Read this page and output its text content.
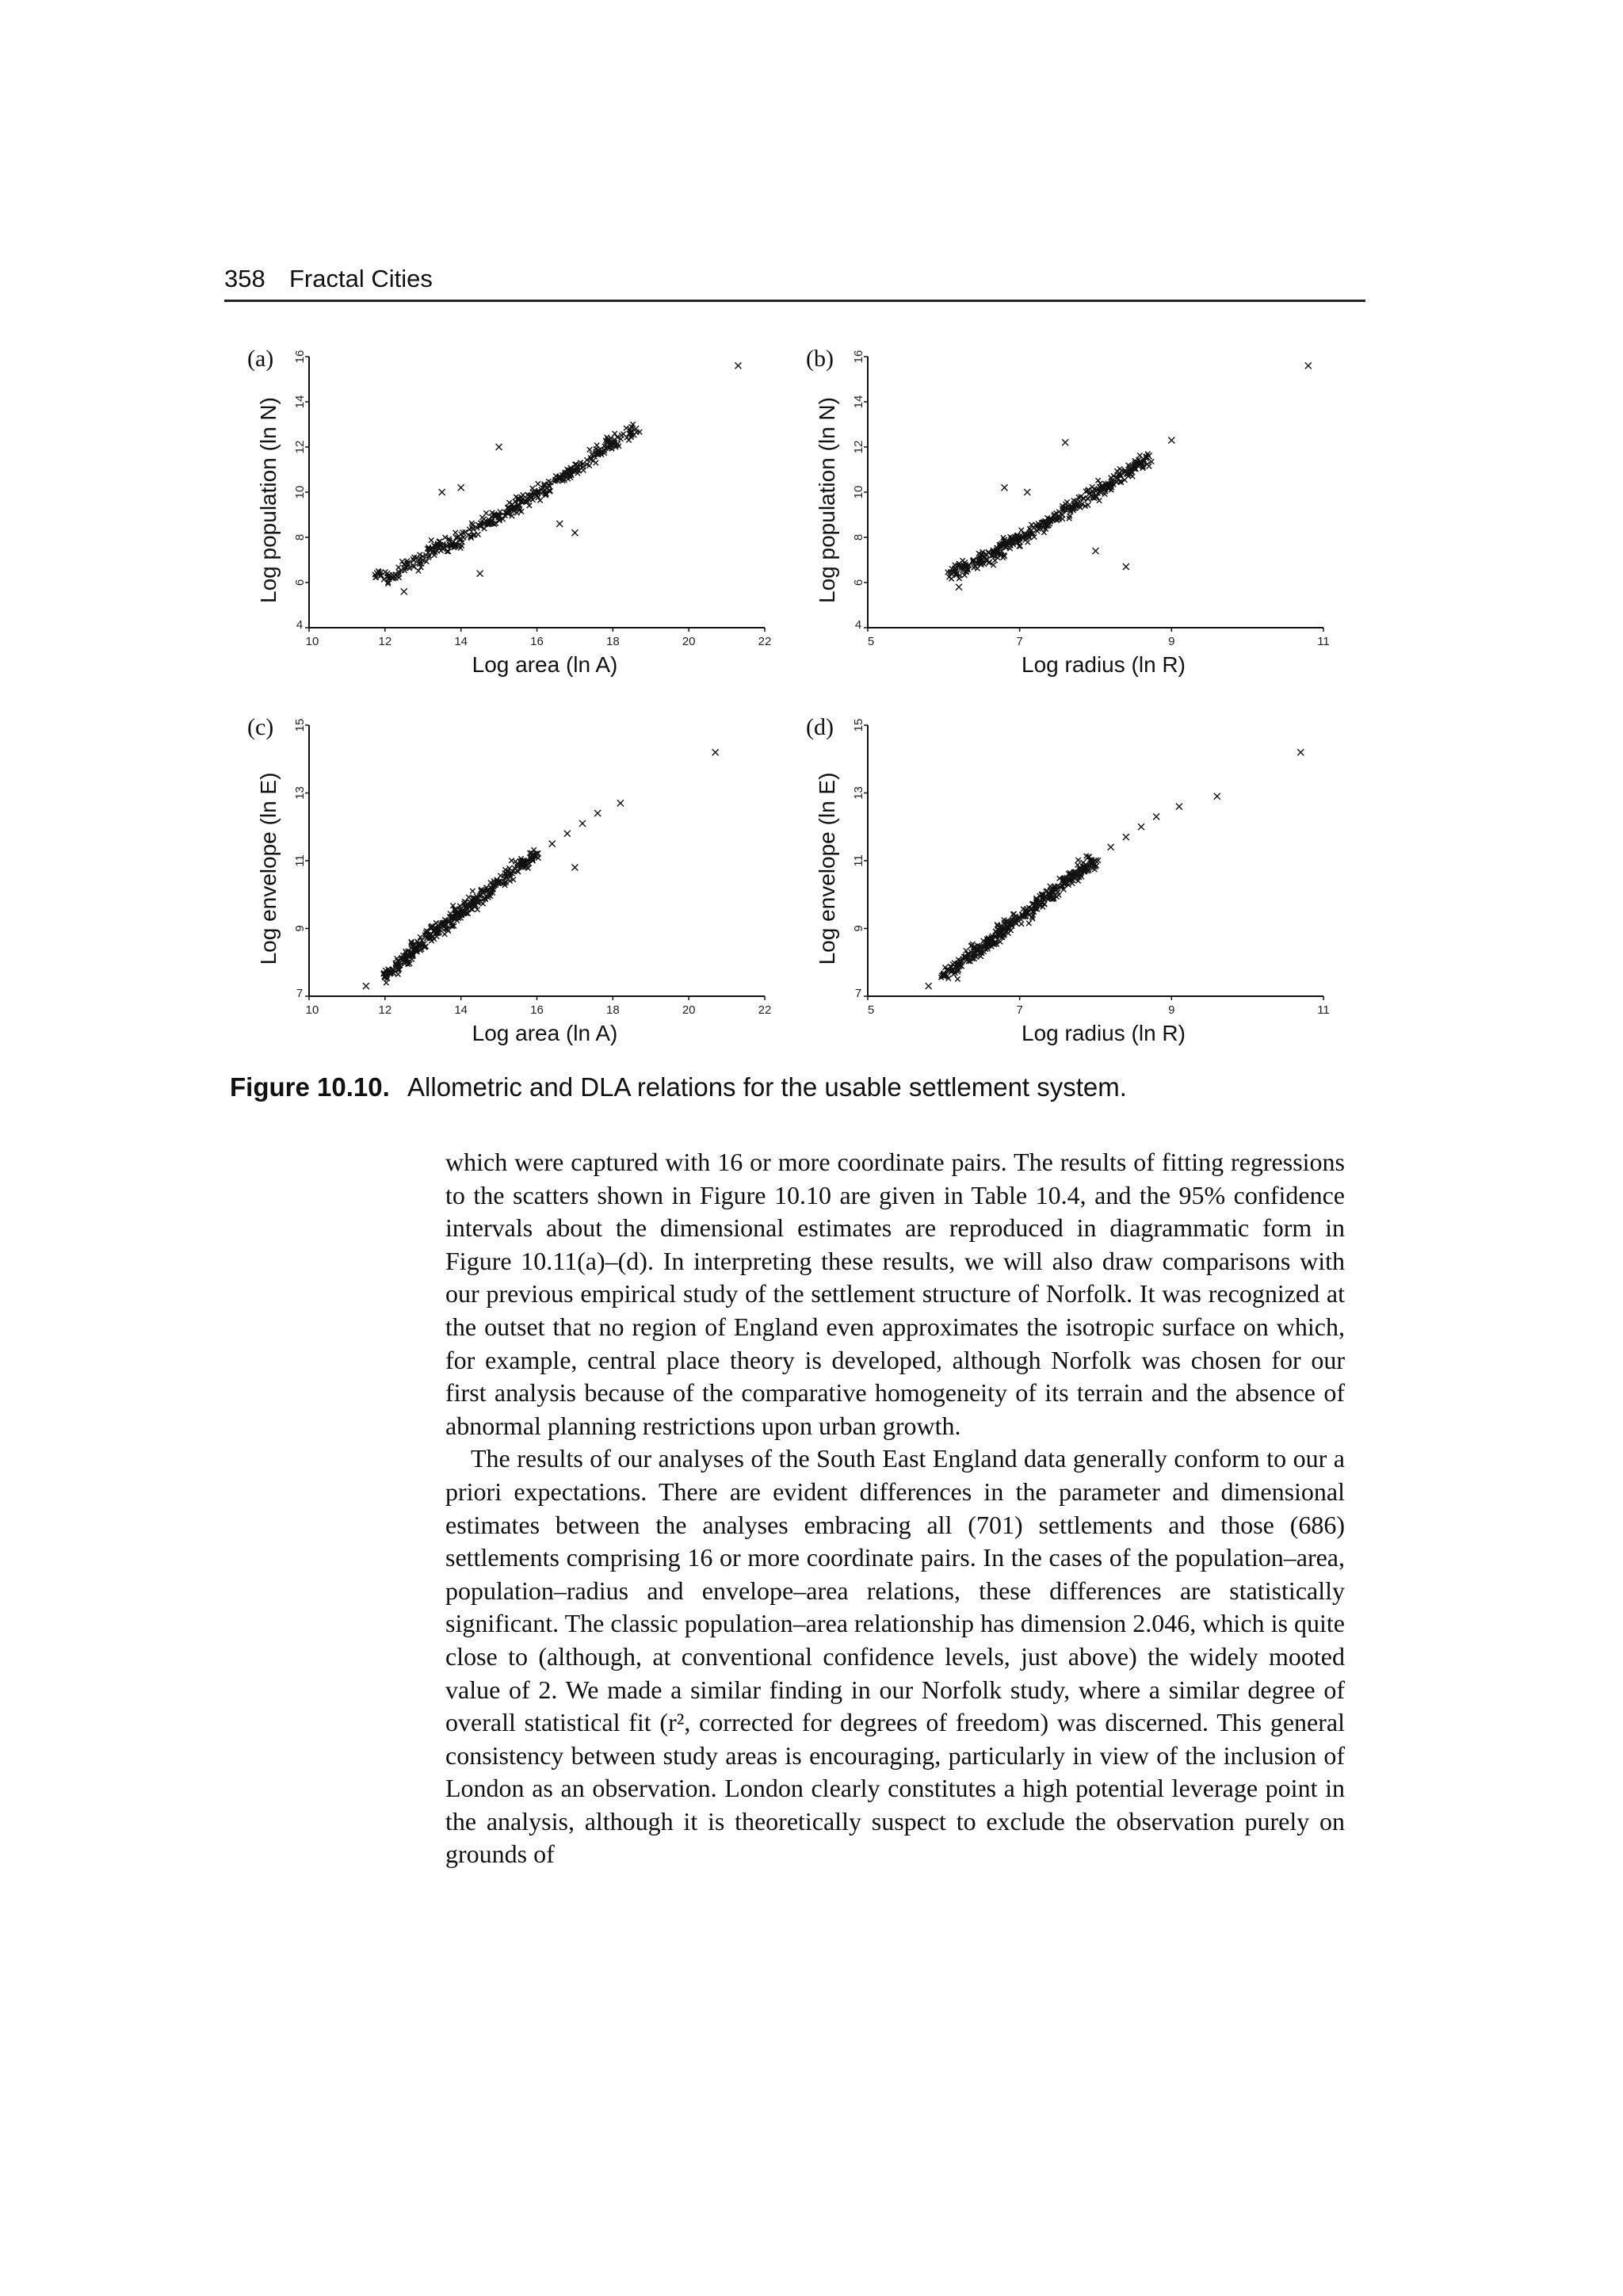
358 Fractal Cities
(a)
10	12	14	16	18	20	22
4
6
8
10
12
14
16
Log area (ln A)
Log population (ln N)
(b)
5	7	9	11
4
6
8
10
12
14
16
Log radius (ln R)
Log population (ln N)
(c)
10	12	14	16	18	20	22
7
9
11
13
15
Log area (ln A)
Log envelope (ln E)
(d)
5	7	9	11
7
9
11
13
15
Log radius (ln R)
Log envelope (ln E)
Figure 10.10. Allometric and DLA relations for the usable settlement system.

which were captured with 16 or more coordinate pairs. The results of fitting regressions to the scatters shown in Figure 10.10 are given in Table 10.4, and the 95% confidence intervals about the dimensional estimates are reproduced in diagrammatic form in Figure 10.11(a)–(d). In interpreting these results, we will also draw comparisons with our previous empirical study of the settlement structure of Norfolk. It was recognized at the outset that no region of England even approximates the isotropic surface on which, for example, central place theory is developed, although Norfolk was chosen for our first analysis because of the comparative homogeneity of its terrain and the absence of abnormal planning restrictions upon urban growth.

The results of our analyses of the South East England data generally conform to our a priori expectations. There are evident differences in the parameter and dimensional estimates between the analyses embracing all (701) settlements and those (686) settlements comprising 16 or more coordinate pairs. In the cases of the population–area, population–radius and envelope–area relations, these differences are statistically significant. The classic population–area relationship has dimension 2.046, which is quite close to (although, at conventional confidence levels, just above) the widely mooted value of 2. We made a similar finding in our Norfolk study, where a similar degree of overall statistical fit (r², corrected for degrees of freedom) was discerned. This general consistency between study areas is encouraging, particularly in view of the inclusion of London as an observation. London clearly constitutes a high potential leverage point in the analysis, although it is theoretically suspect to exclude the observation purely on grounds of
